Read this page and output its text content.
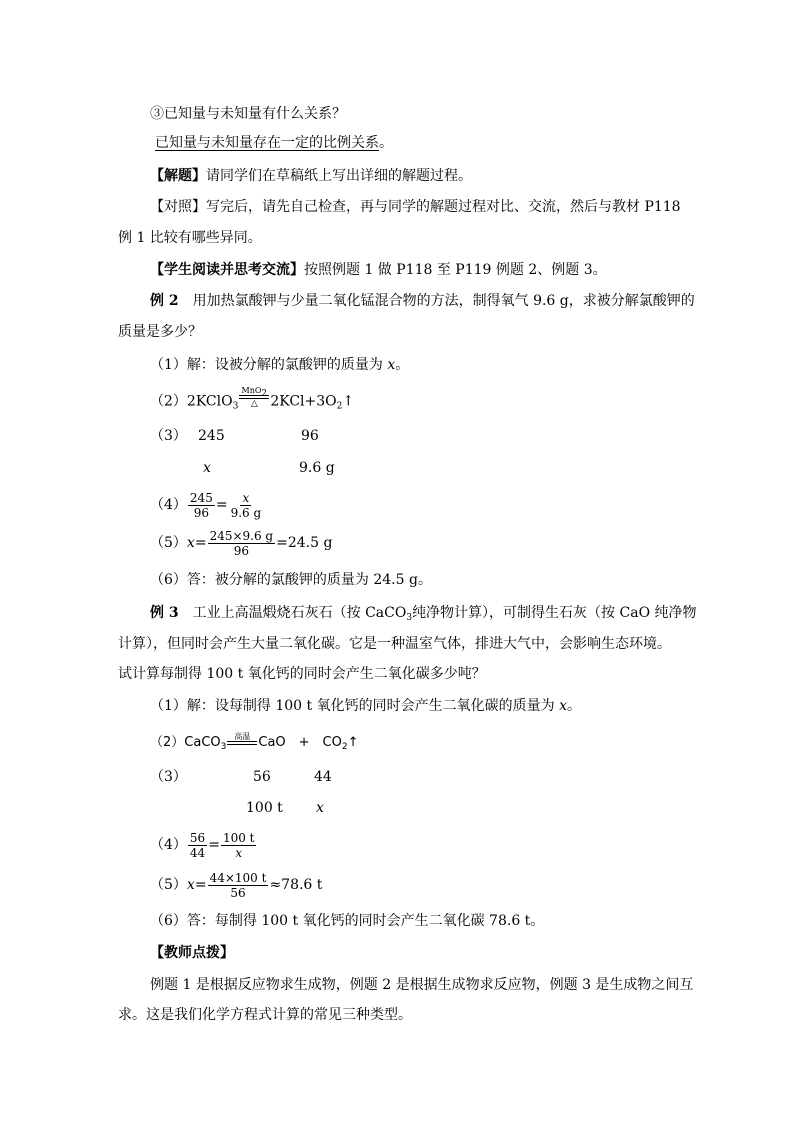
③已知量与未知量有什么关系？
已知量与未知量存在一定的比例关系。
【解题】请同学们在草稿纸上写出详细的解题过程。
【对照】写完后，请先自己检查，再与同学的解题过程对比、交流，然后与教材 P118
例 1 比较有哪些异同。
【学生阅读并思考交流】按照例题 1 做 P118 至 P119 例题 2、例题 3。
例 2　 用加热氯酸钾与少量二氧化锰混合物的方法，制得氧气 9.6 g，求被分解氯酸钾的
质量是多少？
（1）解：设被分解的氯酸钾的质量为 x。
（2）2KClO$_3$
MnO$_2$
△ $2KCl+3O_2↑$
（3） 245	96
x	9.6 g
$(4) \frac{245}{96} = \frac{x}{9.6 g}$
（5） $x = \frac{245\times 9.6 g}{96} =24.5$ g
（6）答：被分解的氯酸钾的质量为 24.5 g。
例 3　 工业上高温煅烧石灰石（按 CaCO$_3$纯净物计算），可制得生石灰（按 CaO 纯净物
计算），但同时会产生大量二氧化碳。它是一种温室气体，排进大气中，会影响生态环境。
试计算每制得 100 t 氧化钙的同时会产生二氧化碳多少吨？
（1）解：设每制得 100 t 氧化钙的同时会产生二氧化碳的质量为 x。
（2）CaCO$_3$
高温 CaO　+　$CO_2↑$
（3）	56	44
100 t x
$(4) \frac{56}{44} = \frac{100 t}{x}$
（5） $x = \frac{44\times 100 t}{56} \approx 78.6$ t
（6）答：每制得 100 t 氧化钙的同时会产生二氧化碳 78.6 t。
【教师点拨】
例题 1 是根据反应物求生成物，例题 2 是根据生成物求反应物，例题 3 是生成物之间互
求。这是我们化学方程式计算的常见三种类型。
